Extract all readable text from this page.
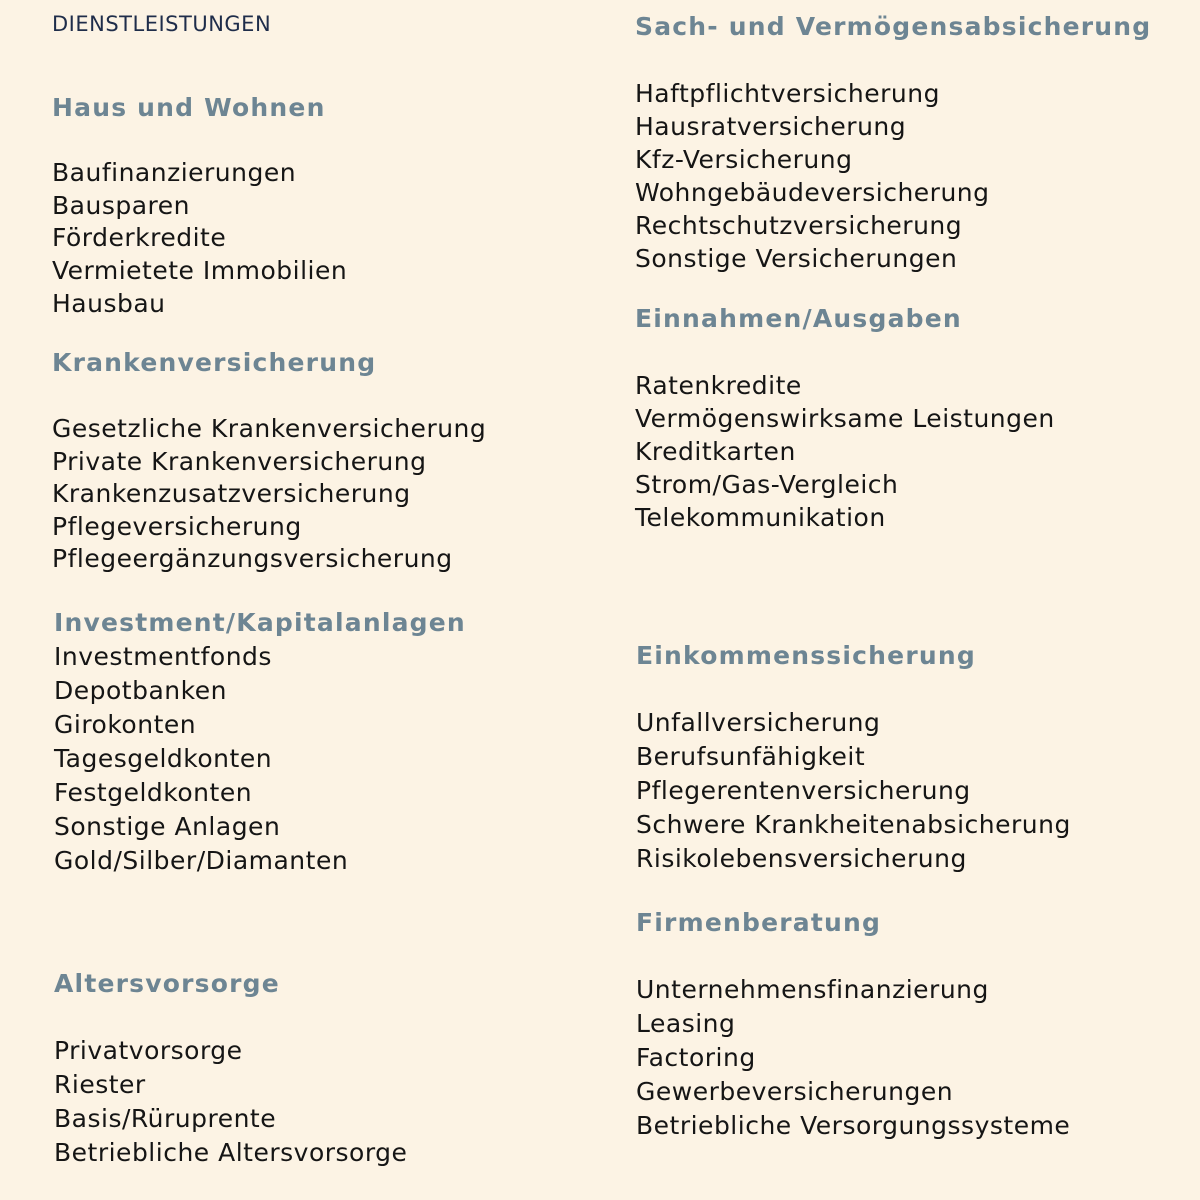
DIENSTLEISTUNGEN
Haus und Wohnen
Baufinanzierungen
Bausparen
Förderkredite
Vermietete Immobilien
Hausbau
Krankenversicherung
Gesetzliche Krankenversicherung
Private Krankenversicherung
Krankenzusatzversicherung
Pflegeversicherung
Pflegeergänzungsversicherung
Investment/Kapitalanlagen
Investmentfonds
Depotbanken
Girokonten
Tagesgeldkonten
Festgeldkonten
Sonstige Anlagen
Gold/Silber/Diamanten
Altersvorsorge
Privatvorsorge
Riester
Basis/Rüruprente
Betriebliche Altersvorsorge
Sach- und Vermögensabsicherung
Haftpflichtversicherung
Hausratversicherung
Kfz-Versicherung
Wohngebäudeversicherung
Rechtschutzversicherung
Sonstige Versicherungen
Einnahmen/Ausgaben
Ratenkredite
Vermögenswirksame Leistungen
Kreditkarten
Strom/Gas-Vergleich
Telekommunikation
Einkommenssicherung
Unfallversicherung
Berufsunfähigkeit
Pflegerentenversicherung
Schwere Krankheitenabsicherung
Risikolebensversicherung
Firmenberatung
Unternehmensfinanzierung
Leasing
Factoring
Gewerbeversicherungen
Betriebliche Versorgungssysteme
